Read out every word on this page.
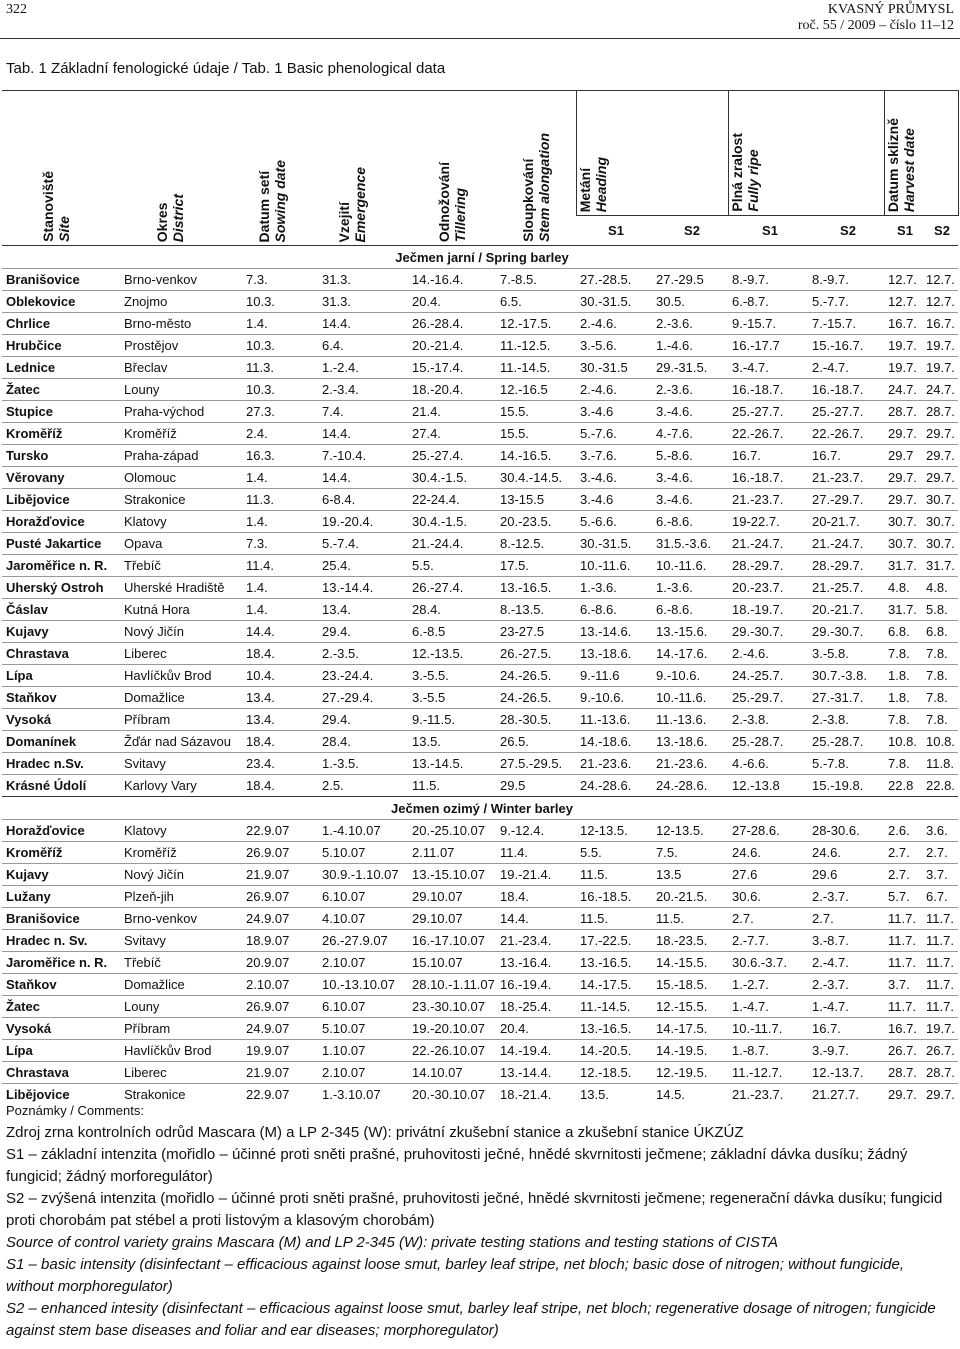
322	KVASNÝ PRŮMYSL
roč. 55 / 2009 – číslo 11–12
Tab. 1 Základní fenologické údaje / Tab. 1 Basic phenological data
Stanoviště Site	Okres District	Datum setí Sowing date	Vzejití Emergence	Odnožování Tillering	Sloupkování Stem alongation	Metání Heading		Plná zralost Fully ripe		Datum sklizně Harvest date	

						S1	S2	S1	S2	S1	S2
Ječmen jarní / Spring barley											
Branišovice	Brno-venkov	7.3.	31.3.	14.-16.4.	7.-8.5.	27.-28.5.	27.-29.5	8.-9.7.	8.-9.7.	12.7.	12.7.
Oblekovice	Znojmo	10.3.	31.3.	20.4.	6.5.	30.-31.5.	30.5.	6.-8.7.	5.-7.7.	12.7.	12.7.
Chrlice	Brno-město	1.4.	14.4.	26.-28.4.	12.-17.5.	2.-4.6.	2.-3.6.	9.-15.7.	7.-15.7.	16.7.	16.7.
Hrubčice	Prostějov	10.3.	6.4.	20.-21.4.	11.-12.5.	3.-5.6.	1.-4.6.	16.-17.7	15.-16.7.	19.7.	19.7.
Lednice	Břeclav	11.3.	1.-2.4.	15.-17.4.	11.-14.5.	30.-31.5	29.-31.5.	3.-4.7.	2.-4.7.	19.7.	19.7.
Žatec	Louny	10.3.	2.-3.4.	18.-20.4.	12.-16.5	2.-4.6.	2.-3.6.	16.-18.7.	16.-18.7.	24.7.	24.7.
Stupice	Praha-východ	27.3.	7.4.	21.4.	15.5.	3.-4.6	3.-4.6.	25.-27.7.	25.-27.7.	28.7.	28.7.
Kroměříž	Kroměříž	2.4.	14.4.	27.4.	15.5.	5.-7.6.	4.-7.6.	22.-26.7.	22.-26.7.	29.7.	29.7.
Tursko	Praha-západ	16.3.	7.-10.4.	25.-27.4.	14.-16.5.	3.-7.6.	5.-8.6.	16.7.	16.7.	29.7	29.7.
Věrovany	Olomouc	1.4.	14.4.	30.4.-1.5.	30.4.-14.5.	3.-4.6.	3.-4.6.	16.-18.7.	21.-23.7.	29.7.	29.7.
Libějovice	Strakonice	11.3.	6-8.4.	22-24.4.	13-15.5	3.-4.6	3.-4.6.	21.-23.7.	27.-29.7.	29.7.	30.7.
Horažďovice	Klatovy	1.4.	19.-20.4.	30.4.-1.5.	20.-23.5.	5.-6.6.	6.-8.6.	19-22.7.	20-21.7.	30.7.	30.7.
Pusté Jakartice	Opava	7.3.	5.-7.4.	21.-24.4.	8.-12.5.	30.-31.5.	31.5.-3.6.	21.-24.7.	21.-24.7.	30.7.	30.7.
Jaroměřice n. R.	Třebíč	11.4.	25.4.	5.5.	17.5.	10.-11.6.	10.-11.6.	28.-29.7.	28.-29.7.	31.7.	31.7.
Uherský Ostroh	Uherské Hradiště	1.4.	13.-14.4.	26.-27.4.	13.-16.5.	1.-3.6.	1.-3.6.	20.-23.7.	21.-25.7.	4.8.	4.8.
Čáslav	Kutná Hora	1.4.	13.4.	28.4.	8.-13.5.	6.-8.6.	6.-8.6.	18.-19.7.	20.-21.7.	31.7.	5.8.
Kujavy	Nový Jičín	14.4.	29.4.	6.-8.5	23-27.5	13.-14.6.	13.-15.6.	29.-30.7.	29.-30.7.	6.8.	6.8.
Chrastava	Liberec	18.4.	2.-3.5.	12.-13.5.	26.-27.5.	13.-18.6.	14.-17.6.	2.-4.6.	3.-5.8.	7.8.	7.8.
Lípa	Havlíčkův Brod	10.4.	23.-24.4.	3.-5.5.	24.-26.5.	9.-11.6	9.-10.6.	24.-25.7.	30.7.-3.8.	1.8.	7.8.
Staňkov	Domažlice	13.4.	27.-29.4.	3.-5.5	24.-26.5.	9.-10.6.	10.-11.6.	25.-29.7.	27.-31.7.	1.8.	7.8.
Vysoká	Příbram	13.4.	29.4.	9.-11.5.	28.-30.5.	11.-13.6.	11.-13.6.	2.-3.8.	2.-3.8.	7.8.	7.8.
Domanínek	Žďár nad Sázavou	18.4.	28.4.	13.5.	26.5.	14.-18.6.	13.-18.6.	25.-28.7.	25.-28.7.	10.8.	10.8.
Hradec n.Sv.	Svitavy	23.4.	1.-3.5.	13.-14.5.	27.5.-29.5.	21.-23.6.	21.-23.6.	4.-6.6.	5.-7.8.	7.8.	11.8.
Krásné Údolí	Karlovy Vary	18.4.	2.5.	11.5.	29.5	24.-28.6.	24.-28.6.	12.-13.8	15.-19.8.	22.8	22.8.
Ječmen ozimý / Winter barley											
Horažďovice	Klatovy	22.9.07	1.-4.10.07	20.-25.10.07	9.-12.4.	12-13.5.	12-13.5.	27-28.6.	28-30.6.	2.6.	3.6.
Kroměříž	Kroměříž	26.9.07	5.10.07	2.11.07	11.4.	5.5.	7.5.	24.6.	24.6.	2.7.	2.7.
Kujavy	Nový Jičín	21.9.07	30.9.-1.10.07	13.-15.10.07	19.-21.4.	11.5.	13.5	27.6	29.6	2.7.	3.7.
Lužany	Plzeň-jih	26.9.07	6.10.07	29.10.07	18.4.	16.-18.5.	20.-21.5.	30.6.	2.-3.7.	5.7.	6.7.
Branišovice	Brno-venkov	24.9.07	4.10.07	29.10.07	14.4.	11.5.	11.5.	2.7.	2.7.	11.7.	11.7.
Hradec n. Sv.	Svitavy	18.9.07	26.-27.9.07	16.-17.10.07	21.-23.4.	17.-22.5.	18.-23.5.	2.-7.7.	3.-8.7.	11.7.	11.7.
Jaroměřice n. R.	Třebíč	20.9.07	2.10.07	15.10.07	13.-16.4.	13.-16.5.	14.-15.5.	30.6.-3.7.	2.-4.7.	11.7.	11.7.
Staňkov	Domažlice	2.10.07	10.-13.10.07	28.10.-1.11.07	16.-19.4.	14.-17.5.	15.-18.5.	1.-2.7.	2.-3.7.	3.7.	11.7.
Žatec	Louny	26.9.07	6.10.07	23.-30.10.07	18.-25.4.	11.-14.5.	12.-15.5.	1.-4.7.	1.-4.7.	11.7.	11.7.
Vysoká	Příbram	24.9.07	5.10.07	19.-20.10.07	20.4.	13.-16.5.	14.-17.5.	10.-11.7.	16.7.	16.7.	19.7.
Lípa	Havlíčkův Brod	19.9.07	1.10.07	22.-26.10.07	14.-19.4.	14.-20.5.	14.-19.5.	1.-8.7.	3.-9.7.	26.7.	26.7.
Chrastava	Liberec	21.9.07	2.10.07	14.10.07	13.-14.4.	12.-18.5.	12.-19.5.	11.-12.7.	12.-13.7.	28.7.	28.7.
Libějovice	Strakonice	22.9.07	1.-3.10.07	20.-30.10.07	18.-21.4.	13.5.	14.5.	21.-23.7.	21.27.7.	29.7.	29.7.
Poznámky / Comments:

Zdroj zrna kontrolních odrůd Mascara (M) a LP 2-345 (W): privátní zkušební stanice a zkušební stanice ÚKZÚZ

S1 – základní intenzita (mořidlo – účinné proti sněti prašné, pruhovitosti ječné, hnědé skvrnitosti ječmene; základní dávka dusíku; žádný fungicid; žádný morforegulátor)

S2 – zvýšená intenzita (mořidlo – účinné proti sněti prašné, pruhovitosti ječné, hnědé skvrnitosti ječmene; regenerační dávka dusíku; fungicid proti chorobám pat stébel a proti listovým a klasovým chorobám)

Source of control variety grains Mascara (M) and LP 2-345 (W): private testing stations and testing stations of CISTA

S1 – basic intensity (disinfectant – efficacious against loose smut, barley leaf stripe, net bloch; basic dose of nitrogen; without fungicide, without morphoregulator)

S2 – enhanced intesity (disinfectant – efficacious against loose smut, barley leaf stripe, net bloch; regenerative dosage of nitrogen; fungicide against stem base diseases and foliar and ear diseases; morphoregulator)
